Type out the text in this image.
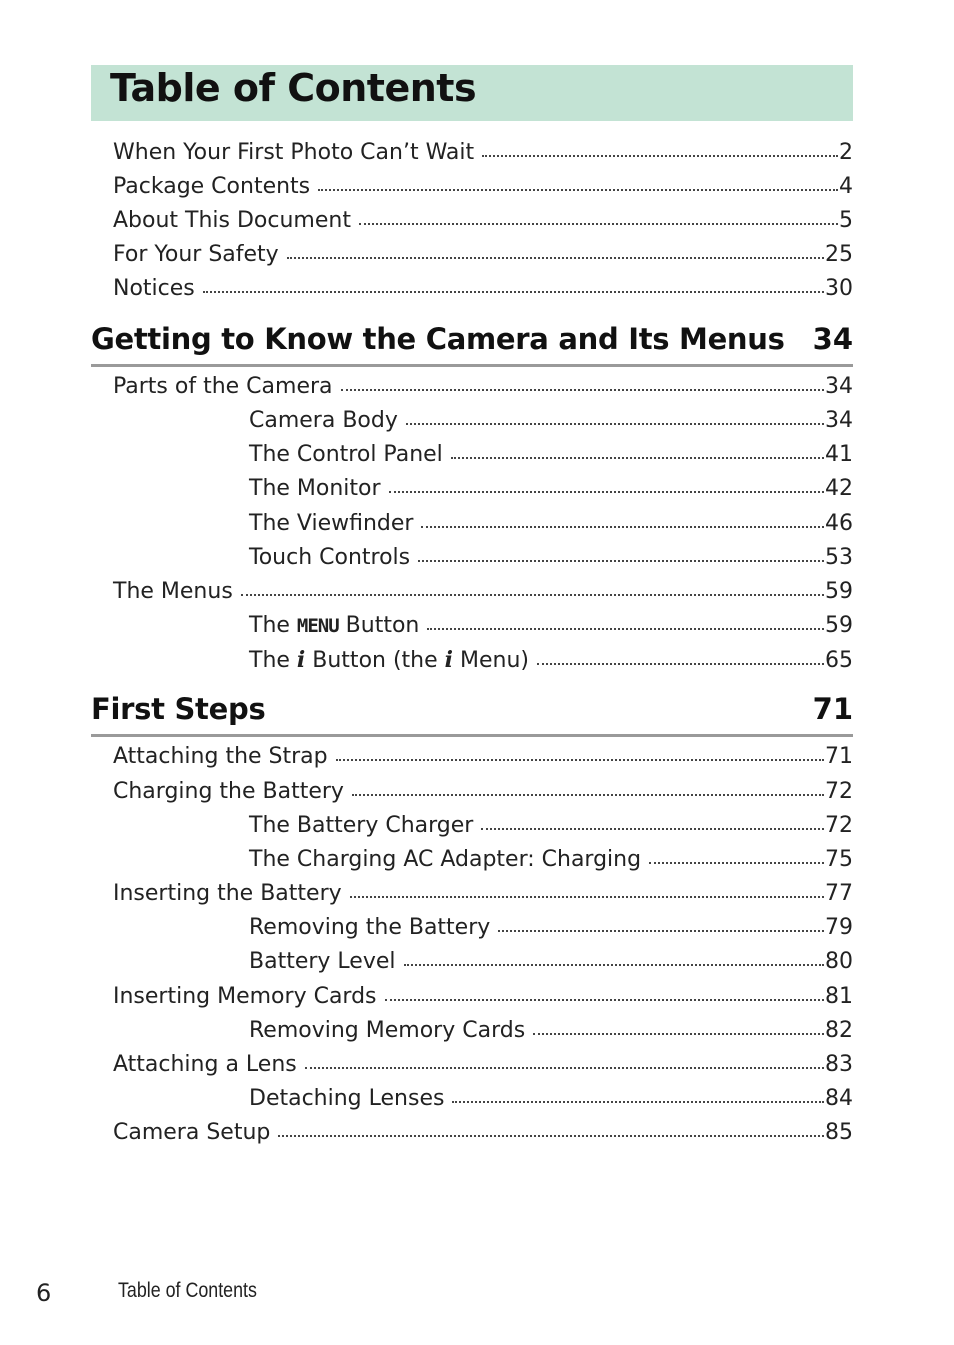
Table of Contents
When Your First Photo Can’t Wait	2
Package Contents	4
About This Document	5
For Your Safety	25
Notices	30
Getting to Know the Camera and Its Menus 34
Parts of the Camera	34
Camera Body	34
The Control Panel	41
The Monitor	42
The Viewfinder	46
Touch Controls	53
The Menus	59
The MENU Button	59
The i Button (the i Menu)	65
First Steps	71
Attaching the Strap	71
Charging the Battery	72
The Battery Charger	72
The Charging AC Adapter: Charging	75
Inserting the Battery	77
Removing the Battery	79
Battery Level	80
Inserting Memory Cards	81
Removing Memory Cards	82
Attaching a Lens	83
Detaching Lenses	84
Camera Setup	85
6	Table of Contents
